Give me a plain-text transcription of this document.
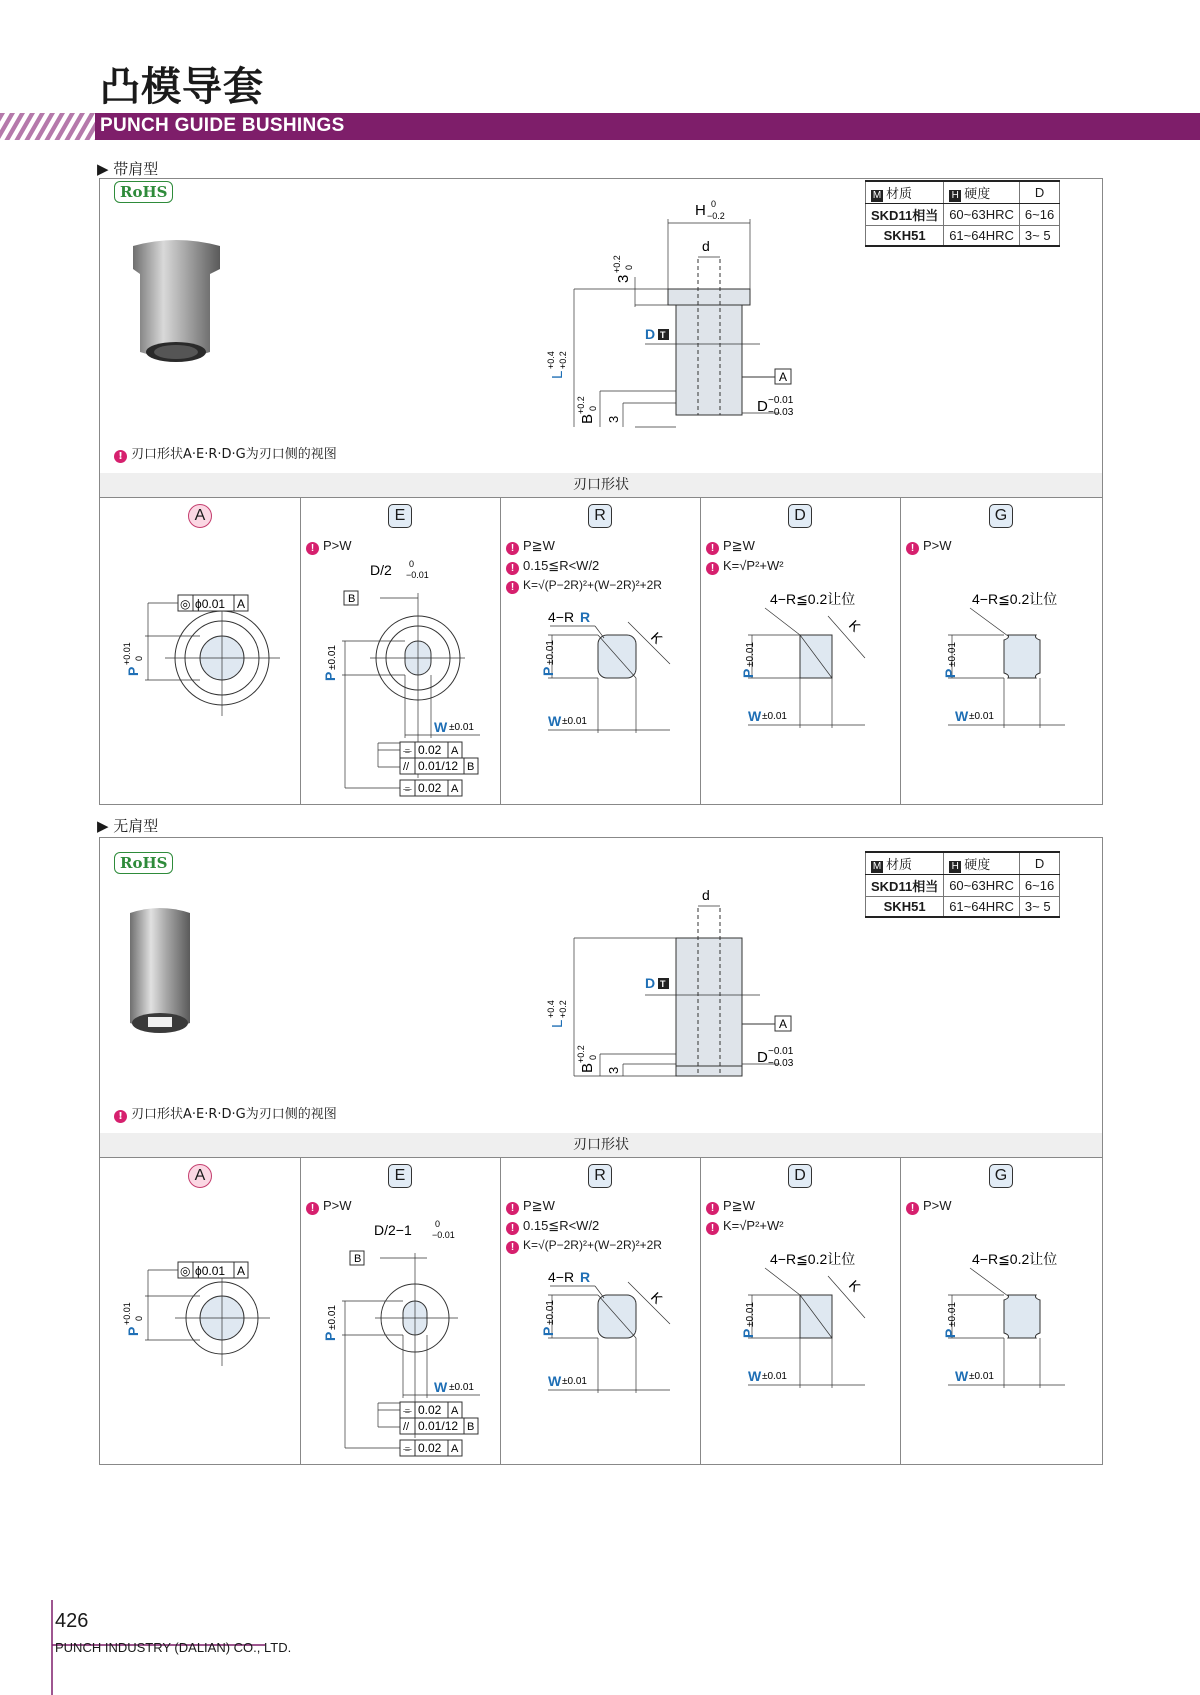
凸模导套
PUNCH GUIDE BUSHINGS
▶ 带肩型
RoHS	M 材质	H 硬度	D
SKD11相当	60~63HRC	6~16
SKH51	61~64HRC	3~ 5
H 0
−0.2
d
3
+0.2 0
L
+0.4 +0.2
D T
A
B
+0.2 0
3
D −0.01
−0.03
! 刃口形状A·E·R·D·G为刃口侧的视图
刃口形状
A
◎ ϕ0.01 A
P
+0.01 0
E
! P>W
B
D/2 0
−0.01
P
±0.01
W ±0.01
⌯ 0.02 A
// 0.01/12 B
⌯ 0.02 A
R
! P≧W
! 0.15≦R<W/2
! K=√(P−2R)²+(W−2R)²+2R
4−R R
K
P
±0.01
W ±0.01
D
! P≧W
! K=√P²+W²
4−R≦0.2让位
K
P
±0.01
W ±0.01
G
! P>W
4−R≦0.2让位
P
±0.01
W ±0.01
▶ 无肩型
RoHS	M 材质	H 硬度	D
SKD11相当	60~63HRC	6~16
SKH51	61~64HRC	3~ 5
d
L
+0.4 +0.2
D T
A
B
+0.2 0
3
D −0.01
−0.03
! 刃口形状A·E·R·D·G为刃口侧的视图
刃口形状
A
◎ ϕ0.01 A
P
+0.01 0
E
! P>W
B
D/2−1	0
−0.01
P
±0.01
W ±0.01
⌯ 0.02 A
// 0.01/12 B
⌯ 0.02 A
R
! P≧W
! 0.15≦R<W/2
! K=√(P−2R)²+(W−2R)²+2R
4−R R
K
P
±0.01
W ±0.01
D
! P≧W
! K=√P²+W²
4−R≦0.2让位
K
P
±0.01
W ±0.01
G
! P>W
4−R≦0.2让位
P
±0.01
W ±0.01
426
PUNCH INDUSTRY (DALIAN) CO., LTD.
